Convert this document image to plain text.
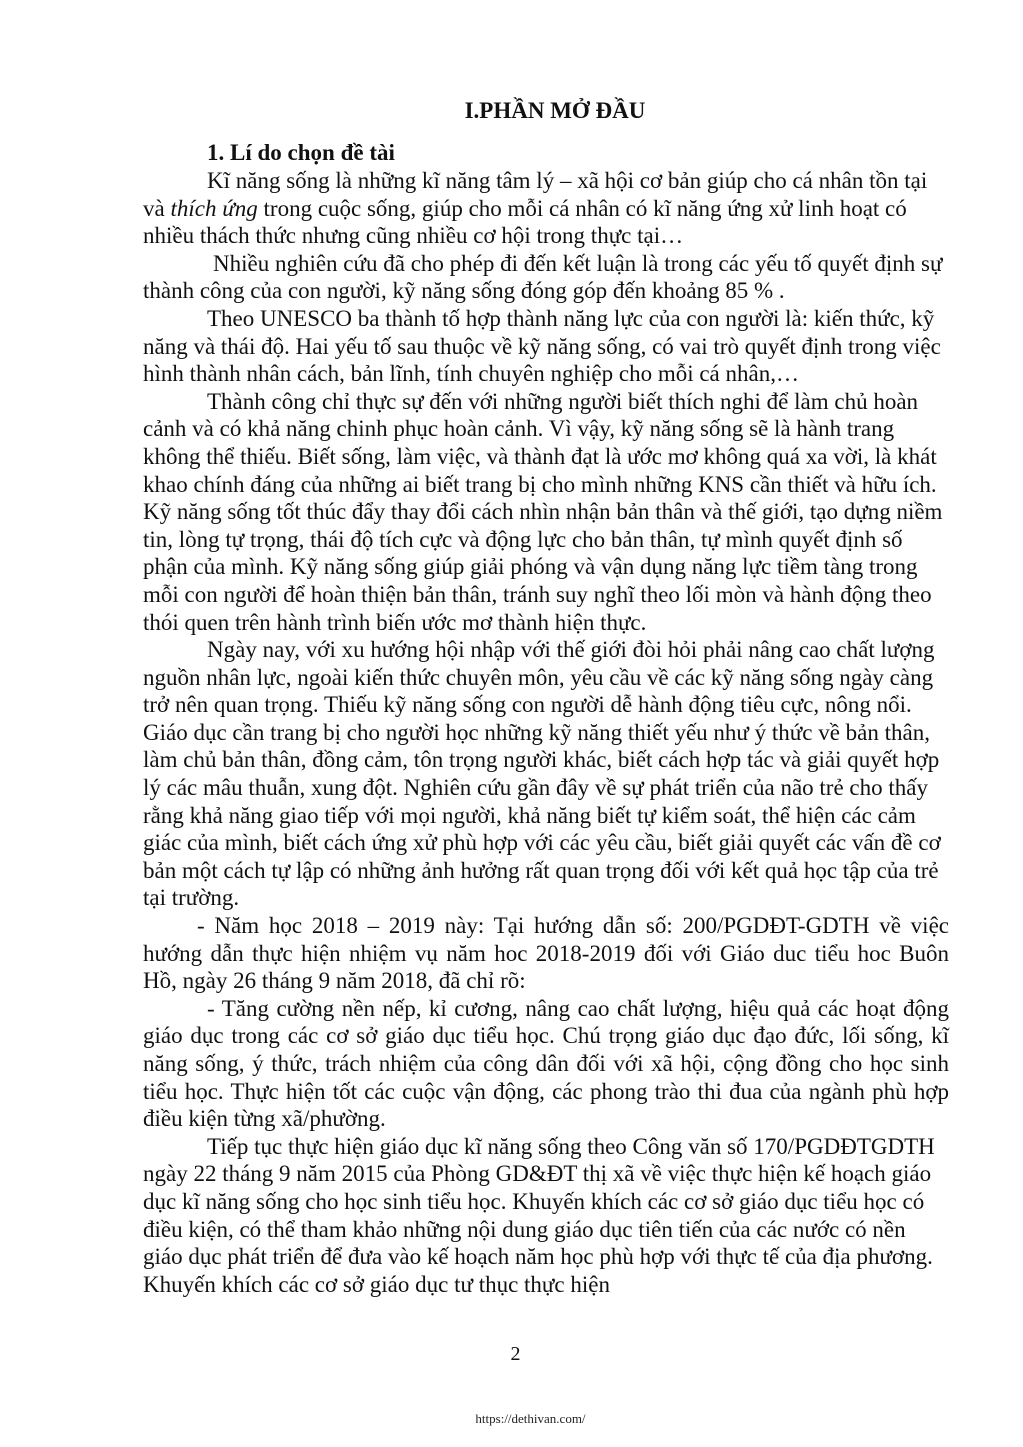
I.PHẦN MỞ ĐẦU
1. Lí do chọn đề tài

Kĩ năng sống là những kĩ năng tâm lý – xã hội cơ bản giúp cho cá nhân tồn tại và thích ứng trong cuộc sống, giúp cho mỗi cá nhân có kĩ năng ứng xử linh hoạt có nhiều thách thức nhưng cũng nhiều cơ hội trong thực tại…

Nhiều nghiên cứu đã cho phép đi đến kết luận là trong các yếu tố quyết định sự thành công của con người, kỹ năng sống đóng góp đến khoảng 85 % .

Theo UNESCO ba thành tố hợp thành năng lực của con người là: kiến thức, kỹ năng và thái độ. Hai yếu tố sau thuộc về kỹ năng sống, có vai trò quyết định trong việc hình thành nhân cách, bản lĩnh, tính chuyên nghiệp cho mỗi cá nhân,…

Thành công chỉ thực sự đến với những người biết thích nghi để làm chủ hoàn cảnh và có khả năng chinh phục hoàn cảnh. Vì vậy, kỹ năng sống sẽ là hành trang không thể thiếu. Biết sống, làm việc, và thành đạt là ước mơ không quá xa vời, là khát khao chính đáng của những ai biết trang bị cho mình những KNS cần thiết và hữu ích. Kỹ năng sống tốt thúc đẩy thay đổi cách nhìn nhận bản thân và thế giới, tạo dựng niềm tin, lòng tự trọng, thái độ tích cực và động lực cho bản thân, tự mình quyết định số phận của mình. Kỹ năng sống giúp giải phóng và vận dụng năng lực tiềm tàng trong mỗi con người để hoàn thiện bản thân, tránh suy nghĩ theo lối mòn và hành động theo thói quen trên hành trình biến ước mơ thành hiện thực.

Ngày nay, với xu hướng hội nhập với thế giới đòi hỏi phải nâng cao chất lượng nguồn nhân lực, ngoài kiến thức chuyên môn, yêu cầu về các kỹ năng sống ngày càng trở nên quan trọng. Thiếu kỹ năng sống con người dễ hành động tiêu cực, nông nổi. Giáo dục cần trang bị cho người học những kỹ năng thiết yếu như ý thức về bản thân, làm chủ bản thân, đồng cảm, tôn trọng người khác, biết cách hợp tác và giải quyết hợp lý các mâu thuẫn, xung đột. Nghiên cứu gần đây về sự phát triển của não trẻ cho thấy rằng khả năng giao tiếp với mọi người, khả năng biết tự kiểm soát, thể hiện các cảm giác của mình, biết cách ứng xử phù hợp với các yêu cầu, biết giải quyết các vấn đề cơ bản một cách tự lập có những ảnh hưởng rất quan trọng đối với kết quả học tập của trẻ tại trường.

- Năm học 2018 – 2019 này: Tại hướng dẫn số: 200/PGDĐT-GDTH về việc hướng dẫn thực hiện nhiệm vụ năm hoc 2018-2019 đối với Giáo duc tiểu hoc Buôn Hồ, ngày 26 tháng 9 năm 2018, đã chỉ rõ:

- Tăng cường nền nếp, kỉ cương, nâng cao chất lượng, hiệu quả các hoạt động giáo dục trong các cơ sở giáo dục tiểu học. Chú trọng giáo dục đạo đức, lối sống, kĩ năng sống, ý thức, trách nhiệm của công dân đối với xã hội, cộng đồng cho học sinh tiểu học. Thực hiện tốt các cuộc vận động, các phong trào thi đua của ngành phù hợp điều kiện từng xã/phường.

Tiếp tục thực hiện giáo dục kĩ năng sống theo Công văn số 170/PGDĐTGDTH ngày 22 tháng 9 năm 2015 của Phòng GD&ĐT thị xã về việc thực hiện kế hoạch giáo dục kĩ năng sống cho học sinh tiểu học. Khuyến khích các cơ sở giáo dục tiểu học có điều kiện, có thể tham khảo những nội dung giáo dục tiên tiến của các nước có nền giáo dục phát triển để đưa vào kế hoạch năm học phù hợp với thực tế của địa phương. Khuyến khích các cơ sở giáo dục tư thục thực hiện

2
https://dethivan.com/
